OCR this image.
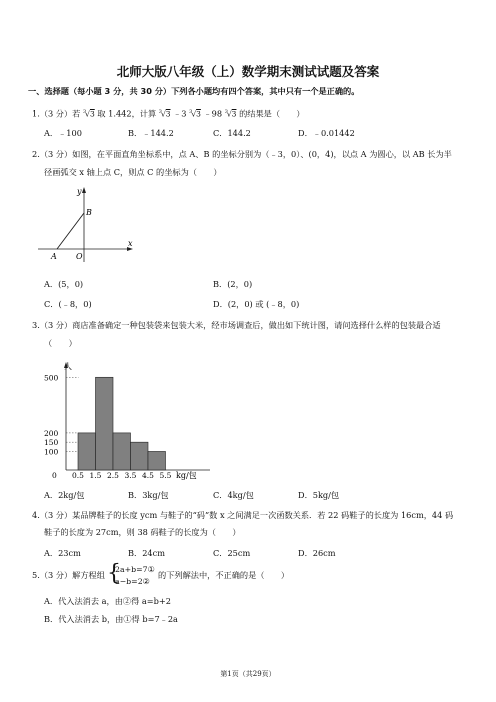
北师大版八年级（上）数学期末测试试题及答案
一、选择题（每小题 3 分，共 30 分）下列各小题均有四个答案，其中只有一个是正确的。
1.（3 分）若 $^3$√3 取 1.442，计算 $^3$√3 ﹣3 $^3$√3 ﹣98 $^3$√3 的结果是（　　）
A．﹣100	B．﹣144.2	C．144.2	D．﹣0.01442
2.（3 分）如图，在平面直角坐标系中，点 A、B 的坐标分别为（﹣3，0）、(0，4)，以点 A 为圆心，以 AB 长为半
径画弧交 x 轴上点 C，则点 C 的坐标为（　　）
y
x
B
A O
A．(5，0)	B．(2，0)
C．(﹣8，0)	D．(2，0) 或 (﹣8，0)
3.（3 分）商店准备确定一种包装袋来包装大米，经市场调查后，做出如下统计图，请问选择什么样的包装最合适
（　　）
人
kg/包
0
100
150
200
500
0.5 1.5 2.5 3.5 4.5 5.5
A．2kg/包	B．3kg/包	C．4kg/包	D．5kg/包
4.（3 分）某品牌鞋子的长度 ycm 与鞋子的“码”数 x 之间满足一次函数关系．若 22 码鞋子的长度为 16cm，44 码
鞋子的长度为 27cm，则 38 码鞋子的长度为（　　）
A．23cm	B．24cm	C．25cm	D．26cm
5.（3 分）解方程组 {
2a+b=7①
a−b=2②
的下列解法中，不正确的是（　　）
A．代入法消去 a，由②得 a=b+2
B．代入法消去 b，由①得 b=7﹣2a
第1页（共29页）
